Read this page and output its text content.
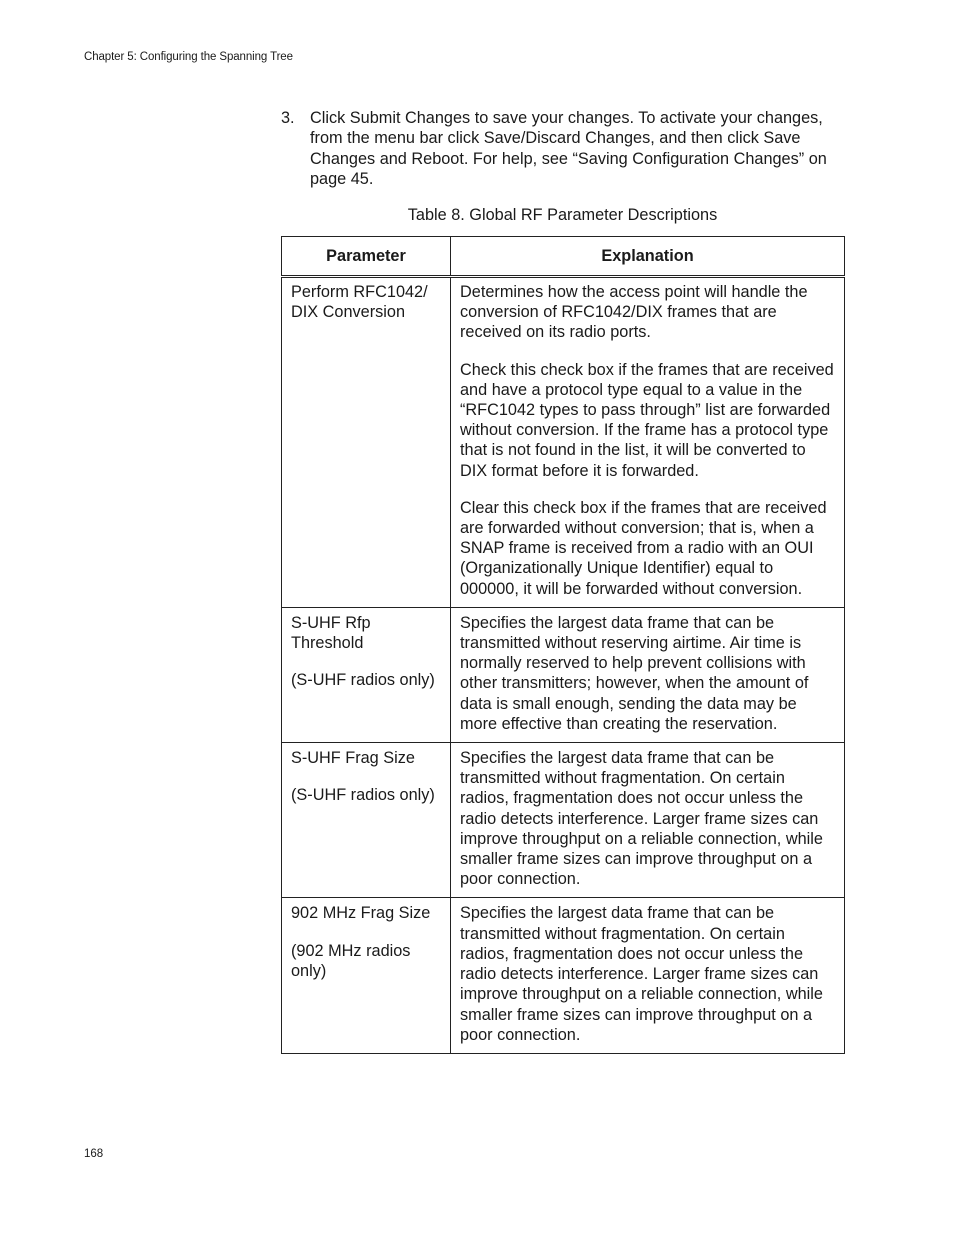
Chapter 5: Configuring the Spanning Tree
3. Click Submit Changes to save your changes. To activate your changes, from the menu bar click Save/Discard Changes, and then click Save Changes and Reboot. For help, see “Saving Configuration Changes” on page 45.
Table 8. Global RF Parameter Descriptions
Parameter	Explanation

Perform RFC1042/ DIX Conversion	Determines how the access point will handle the conversion of RFC1042/DIX frames that are received on its radio ports.

Check this check box if the frames that are received and have a protocol type equal to a value in the “RFC1042 types to pass through” list are forwarded without conversion. If the frame has a protocol type that is not found in the list, it will be converted to DIX format before it is forwarded.

Clear this check box if the frames that are received are forwarded without conversion; that is, when a SNAP frame is received from a radio with an OUI (Organizationally Unique Identifier) equal to 000000, it will be forwarded without conversion.

S-UHF Rfp Threshold

(S-UHF radios only)	Specifies the largest data frame that can be transmitted without reserving airtime. Air time is normally reserved to help prevent collisions with other transmitters; however, when the amount of data is small enough, sending the data may be more effective than creating the reservation.

S-UHF Frag Size

(S-UHF radios only)	Specifies the largest data frame that can be transmitted without fragmentation. On certain radios, fragmentation does not occur unless the radio detects interference. Larger frame sizes can improve throughput on a reliable connection, while smaller frame sizes can improve throughput on a poor connection.

902 MHz Frag Size

(902 MHz radios only)	Specifies the largest data frame that can be transmitted without fragmentation. On certain radios, fragmentation does not occur unless the radio detects interference. Larger frame sizes can improve throughput on a reliable connection, while smaller frame sizes can improve throughput on a poor connection.

168
